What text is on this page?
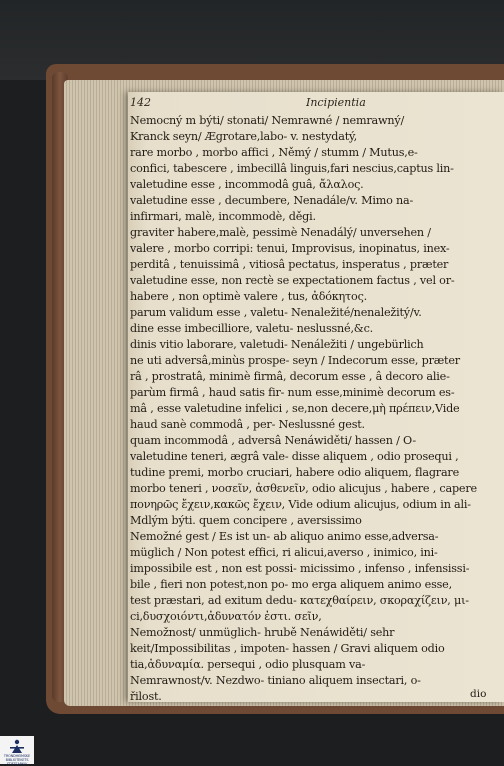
142	Incipientia
Nemocný m býti/ stonati/ Nemrawné / nemrawný/
Kranck seyn/ Ægrotare,labo- v. nestydatý,
rare morbo , morbo affici , Němý / stumm / Mutus,e-
confici, tabescere , imbecillâ linguis,fari nescius,captus lin-
valetudine esse , incommodâ guâ, ἄλαλος.
valetudine esse , decumbere, Nenadále/v. Mimo na-
infirmari, malè, incommodè, děgi.
graviter habere,malè, pessimè Nenadálý/ unversehen /
valere , morbo corripi: tenui, Improvisus, inopinatus, inex-
perditâ , tenuissimâ , vitiosâ pectatus, insperatus , præter
valetudine esse, non rectè se expectationem factus , vel or-
habere , non optimè valere , tus, ἀδόκητος.
parum validum esse , valetu- Nenaležité/nenaležitý/v.
dine esse imbecilliore, valetu- neslussné,&c.
dinis vitio laborare, valetudi- Nenáležiti / ungebürlich
ne uti adversâ,minùs prospe- seyn / Indecorum esse, præter
râ , prostratâ, minimè firmâ, decorum esse , â decoro alie-
parùm firmâ , haud satis fir- num esse,minimè decorum es-
mâ , esse valetudine infelici , se,non decere,μὴ πρέπειν,Vide
haud sanè commodâ , per- Neslussné gest.
quam incommodâ , adversâ Nenáwiděti/ hassen / O-
valetudine teneri, ægrâ vale- disse aliquem , odio prosequi ,
tudine premi, morbo cruciari, habere odio aliquem, flagrare
morbo teneri , νοσεῖν, ἀσθενεῖν, odio alicujus , habere , capere
πονηρῶς ἔχειν,κακῶς ἔχειν, Vide odium alicujus, odium in ali-
Mdlým býti. quem concipere , aversissimo
Nemožné gest / Es ist un- ab aliquo animo esse,adversa-
müglich / Non potest effici, ri alicui,averso , inimico, ini-
impossibile est , non est possi- micissimo , infenso , infensissi-
bile , fieri non potest,non po- mo erga aliquem animo esse,
test præstari, ad exitum dedu- κατεχθαίρειν, σκοραχίζειν, μι-
ci,δυσχοιόντι,ἀδυνατόν ἐστι. σεῖν,
Nemožnost/ unmüglich- hrubě Nenáwiděti/ sehr
keit/Impossibilitas , impoten- hassen / Gravi aliquem odio
tia,ἀδυναμία. persequi , odio plusquam va-
Nemrawnost/v. Nezdwo- tiniano aliquem insectari, o-
řilost.	dio
TRONDHEIMSKE BIBLIOTEKETS STIFTSARKIV
